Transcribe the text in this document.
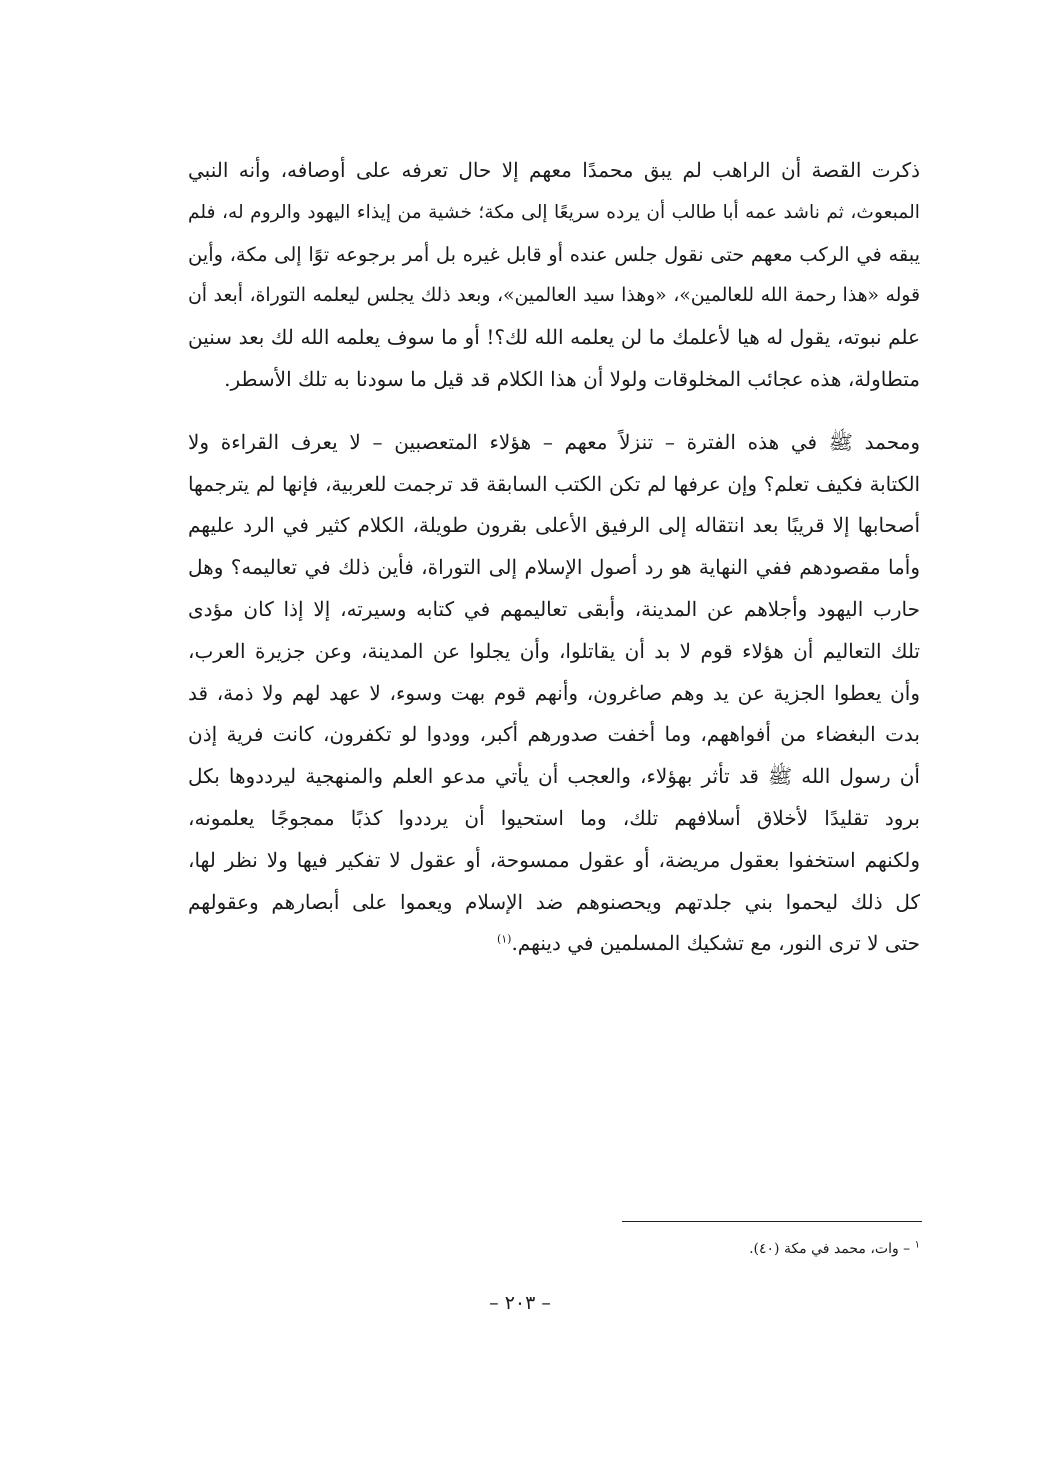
ذكرت القصة أن الراهب لم يبق محمدًا معهم إلا حال تعرفه على أوصافه، وأنه النبي
المبعوث، ثم ناشد عمه أبا طالب أن يرده سريعًا إلى مكة؛ خشية من إيذاء اليهود والروم له، فلم
يبقه في الركب معهم حتى نقول جلس عنده أو قابل غيره بل أمر برجوعه توًا إلى مكة، وأين
قوله «هذا رحمة الله للعالمين»، «وهذا سيد العالمين»، وبعد ذلك يجلس ليعلمه التوراة، أبعد أن
علم نبوته، يقول له هيا لأعلمك ما لن يعلمه الله لك؟! أو ما سوف يعلمه الله لك بعد سنين
متطاولة، هذه عجائب المخلوقات ولولا أن هذا الكلام قد قيل ما سودنا به تلك الأسطر.
ومحمد ﷺ في هذه الفترة – تنزلاً معهم – هؤلاء المتعصبين – لا يعرف القراءة ولا
الكتابة فكيف تعلم؟ وإن عرفها لم تكن الكتب السابقة قد ترجمت للعربية، فإنها لم يترجمها
أصحابها إلا قريبًا بعد انتقاله إلى الرفيق الأعلى بقرون طويلة، الكلام كثير في الرد عليهم
وأما مقصودهم ففي النهاية هو رد أصول الإسلام إلى التوراة، فأين ذلك في تعاليمه؟ وهل
حارب اليهود وأجلاهم عن المدينة، وأبقى تعاليمهم في كتابه وسيرته، إلا إذا كان مؤدى
تلك التعاليم أن هؤلاء قوم لا بد أن يقاتلوا، وأن يجلوا عن المدينة، وعن جزيرة العرب،
وأن يعطوا الجزية عن يد وهم صاغرون، وأنهم قوم بهت وسوء، لا عهد لهم ولا ذمة، قد
بدت البغضاء من أفواههم، وما أخفت صدورهم أكبر، وودوا لو تكفرون، كانت فرية إذن
أن رسول الله ﷺ قد تأثر بهؤلاء، والعجب أن يأتي مدعو العلم والمنهجية ليرددوها بكل
برود تقليدًا لأخلاق أسلافهم تلك، وما استحيوا أن يرددوا كذبًا ممجوجًا يعلمونه،
ولكنهم استخفوا بعقول مريضة، أو عقول ممسوحة، أو عقول لا تفكير فيها ولا نظر لها،
كل ذلك ليحموا بني جلدتهم ويحصنوهم ضد الإسلام ويعموا على أبصارهم وعقولهم
حتى لا ترى النور، مع تشكيك المسلمين في دينهم.$^{(١)}$
$^١$ – وات، محمد في مكة (٤٠).
– ٢٠٣ –
